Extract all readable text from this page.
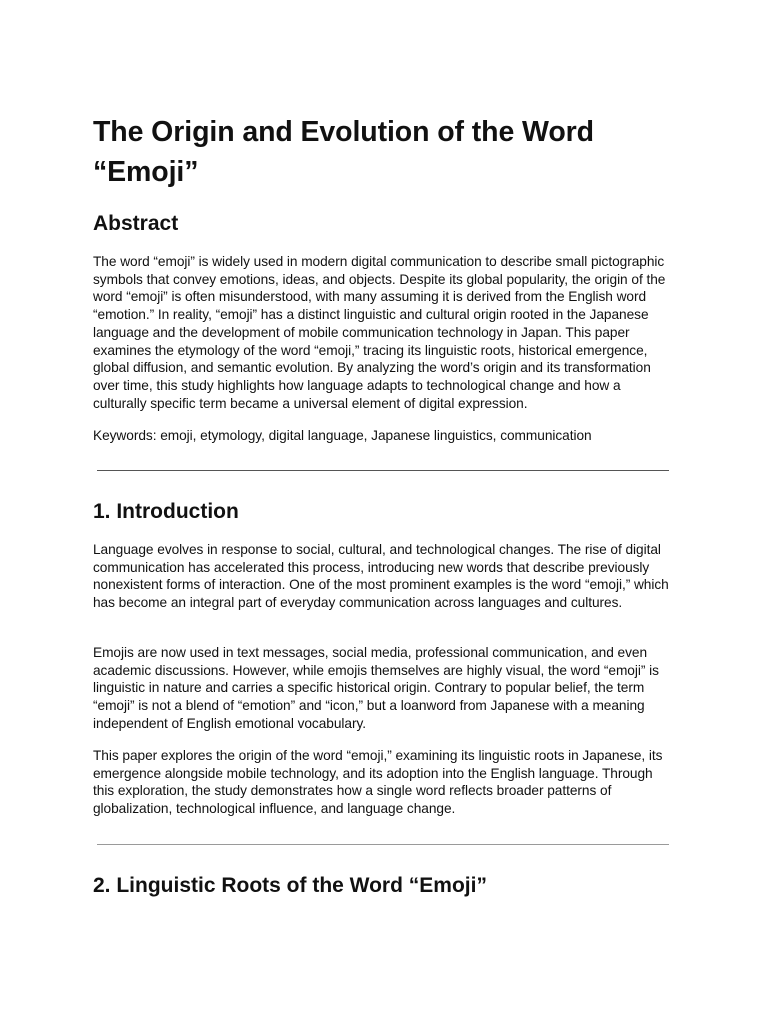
The Origin and Evolution of the Word “Emoji”
Abstract

The word “emoji” is widely used in modern digital communication to describe small pictographic symbols that convey emotions, ideas, and objects. Despite its global popularity, the origin of the word “emoji” is often misunderstood, with many assuming it is derived from the English word “emotion.” In reality, “emoji” has a distinct linguistic and cultural origin rooted in the Japanese language and the development of mobile communication technology in Japan. This paper examines the etymology of the word “emoji,” tracing its linguistic roots, historical emergence, global diffusion, and semantic evolution. By analyzing the word’s origin and its transformation over time, this study highlights how language adapts to technological change and how a culturally specific term became a universal element of digital expression.

Keywords: emoji, etymology, digital language, Japanese linguistics, communication

1. Introduction

Language evolves in response to social, cultural, and technological changes. The rise of digital communication has accelerated this process, introducing new words that describe previously nonexistent forms of interaction. One of the most prominent examples is the word “emoji,” which has become an integral part of everyday communication across languages and cultures.

Emojis are now used in text messages, social media, professional communication, and even academic discussions. However, while emojis themselves are highly visual, the word “emoji” is linguistic in nature and carries a specific historical origin. Contrary to popular belief, the term “emoji” is not a blend of “emotion” and “icon,” but a loanword from Japanese with a meaning independent of English emotional vocabulary.

This paper explores the origin of the word “emoji,” examining its linguistic roots in Japanese, its emergence alongside mobile technology, and its adoption into the English language. Through this exploration, the study demonstrates how a single word reflects broader patterns of globalization, technological influence, and language change.

2. Linguistic Roots of the Word “Emoji”
